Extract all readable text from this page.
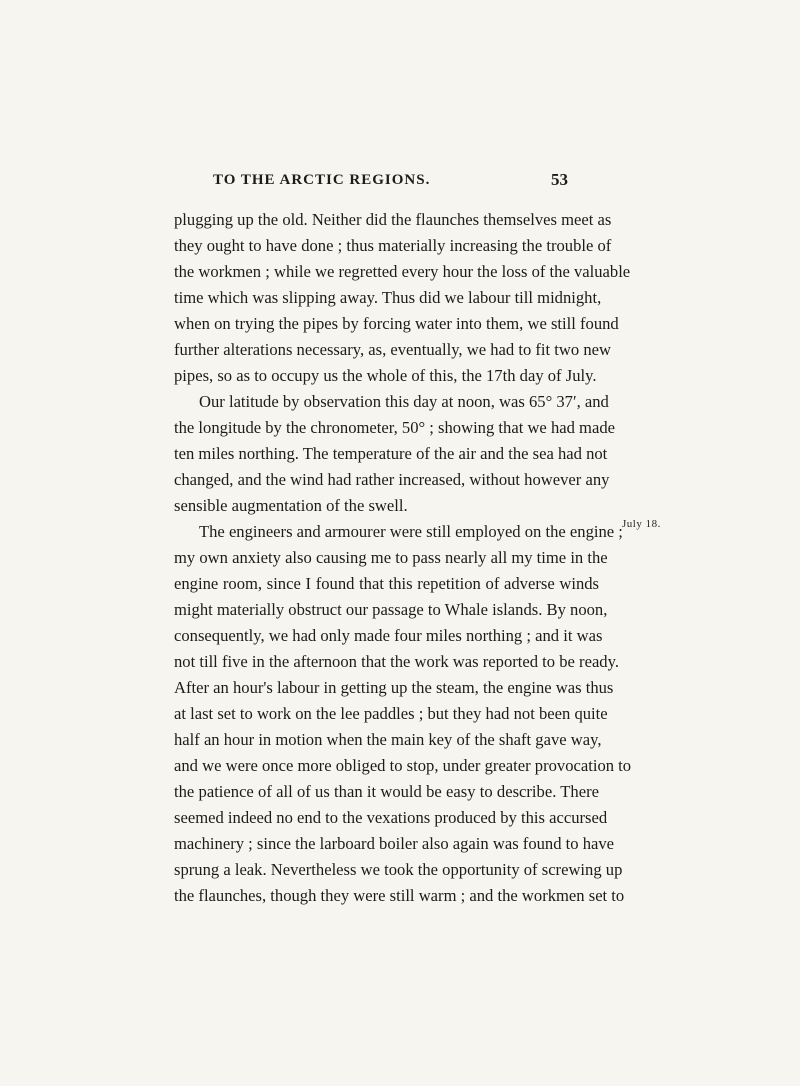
TO THE ARCTIC REGIONS.	53
plugging up the old. Neither did the flaunches themselves meet as
they ought to have done ; thus materially increasing the trouble of
the workmen ; while we regretted every hour the loss of the valuable
time which was slipping away. Thus did we labour till midnight,
when on trying the pipes by forcing water into them, we still found
further alterations necessary, as, eventually, we had to fit two new
pipes, so as to occupy us the whole of this, the 17th day of July.
Our latitude by observation this day at noon, was 65° 37′, and
the longitude by the chronometer, 50° ; showing that we had made
ten miles northing. The temperature of the air and the sea had not
changed, and the wind had rather increased, without however any
sensible augmentation of the swell.
The engineers and armourer were still employed on the engine ;
my own anxiety also causing me to pass nearly all my time in the
engine room, since I found that this repetition of adverse winds
might materially obstruct our passage to Whale islands. By noon,
consequently, we had only made four miles northing ; and it was
not till five in the afternoon that the work was reported to be ready.
After an hour's labour in getting up the steam, the engine was thus
at last set to work on the lee paddles ; but they had not been quite
half an hour in motion when the main key of the shaft gave way,
and we were once more obliged to stop, under greater provocation to
the patience of all of us than it would be easy to describe. There
seemed indeed no end to the vexations produced by this accursed
machinery ; since the larboard boiler also again was found to have
sprung a leak. Nevertheless we took the opportunity of screwing up
the flaunches, though they were still warm ; and the workmen set to
July 18.
